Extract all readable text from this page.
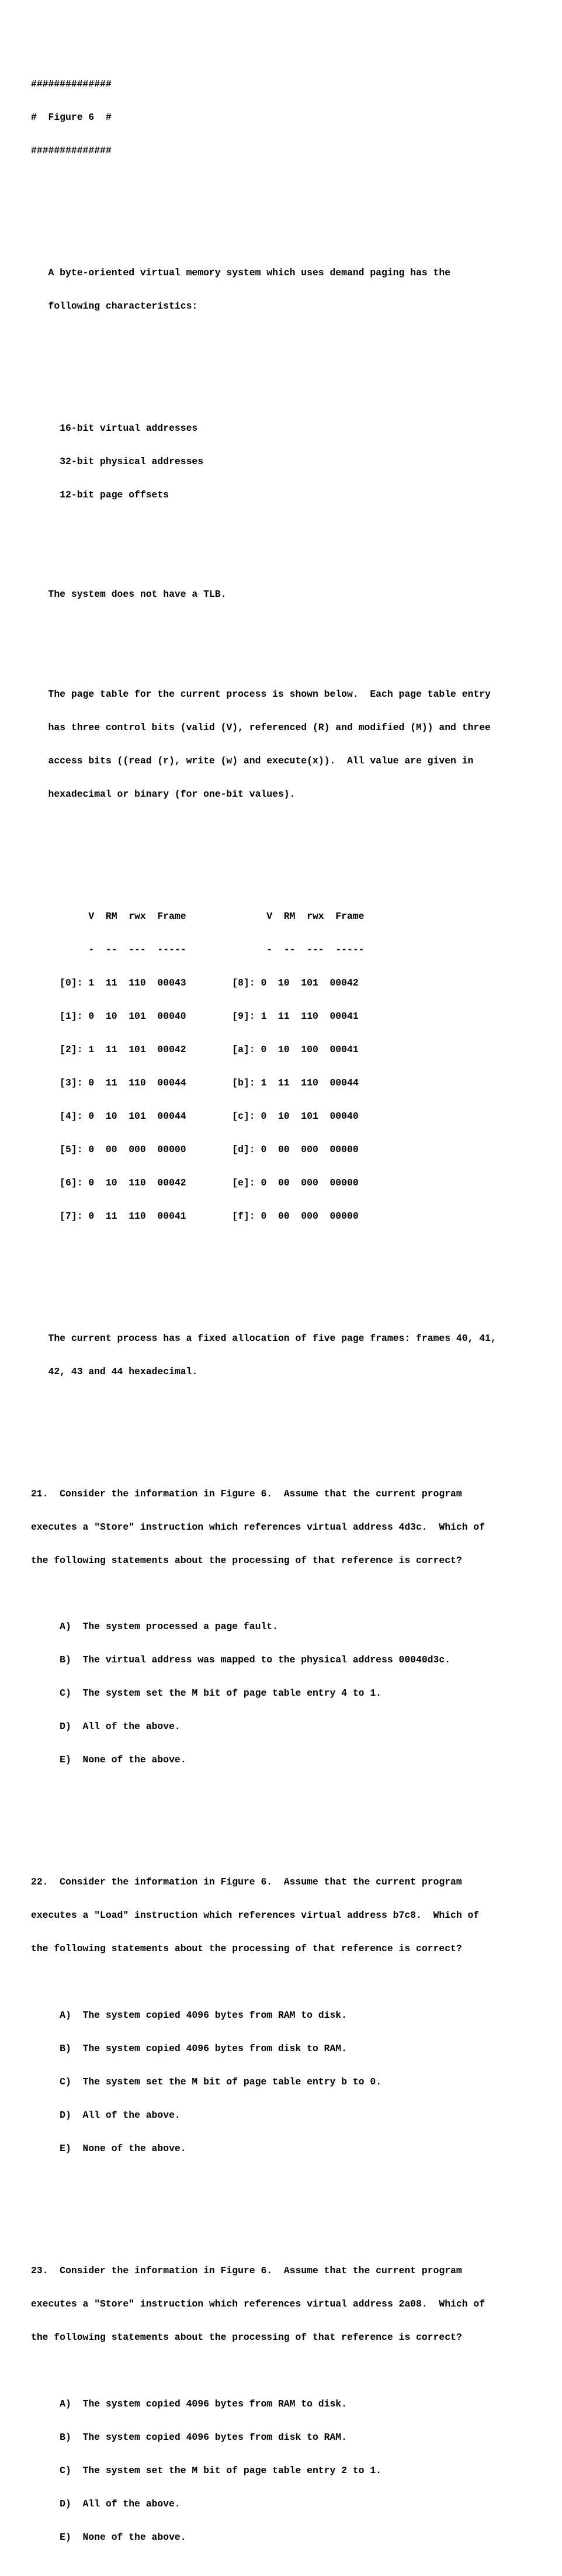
##############

#  Figure 6  #

##############

A byte-oriented virtual memory system which uses demand paging has the

following characteristics:

16-bit virtual addresses

32-bit physical addresses

12-bit page offsets

The system does not have a TLB.

The page table for the current process is shown below.  Each page table entry

has three control bits (valid (V), referenced (R) and modified (M)) and three

access bits ((read (r), write (w) and execute(x)).  All value are given in

hexadecimal or binary (for one-bit values).

V  RM  rwx  Frame              V  RM  rwx  Frame

-  --  ---  -----              -  --  ---  -----

[0]: 1  11  110  00043        [8]: 0  10  101  00042

[1]: 0  10  101  00040        [9]: 1  11  110  00041

[2]: 1  11  101  00042        [a]: 0  10  100  00041

[3]: 0  11  110  00044        [b]: 1  11  110  00044

[4]: 0  10  101  00044        [c]: 0  10  101  00040

[5]: 0  00  000  00000        [d]: 0  00  000  00000

[6]: 0  10  110  00042        [e]: 0  00  000  00000

[7]: 0  11  110  00041        [f]: 0  00  000  00000

The current process has a fixed allocation of five page frames: frames 40, 41,

42, 43 and 44 hexadecimal.

21.  Consider the information in Figure 6.  Assume that the current program

executes a "Store" instruction which references virtual address 4d3c.  Which of

the following statements about the processing of that reference is correct?

A)  The system processed a page fault.

B)  The virtual address was mapped to the physical address 00040d3c.

C)  The system set the M bit of page table entry 4 to 1.

D)  All of the above.

E)  None of the above.

22.  Consider the information in Figure 6.  Assume that the current program

executes a "Load" instruction which references virtual address b7c8.  Which of

the following statements about the processing of that reference is correct?

A)  The system copied 4096 bytes from RAM to disk.

B)  The system copied 4096 bytes from disk to RAM.

C)  The system set the M bit of page table entry b to 0.

D)  All of the above.

E)  None of the above.

23.  Consider the information in Figure 6.  Assume that the current program

executes a "Store" instruction which references virtual address 2a08.  Which of

the following statements about the processing of that reference is correct?

A)  The system copied 4096 bytes from RAM to disk.

B)  The system copied 4096 bytes from disk to RAM.

C)  The system set the M bit of page table entry 2 to 1.

D)  All of the above.

E)  None of the above.
